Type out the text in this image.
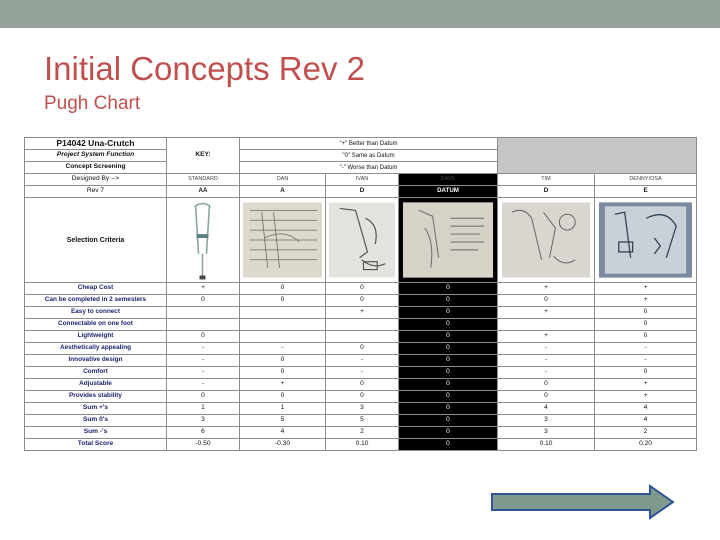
Initial Concepts Rev 2
Pugh Chart
P14042 Una-Crutch	KEY:	"+" Better than Datum				
Project System Function		"0" Same as Datum				
Concept Screening		"-" Worse than Datum				
Designed By -->	STANDARD	DAN	IVAN	DAVE	TIM	DENNY/OSA
Rev 7	AA	A	D	DATUM	D	E
Selection Criteria	

Cheap Cost	+	0	0	0	+	+
Can be completed in 2 semesters	0	0	0	0	0	+
Easy to connect			+	0	+	0
Connectable on one foot				0		0
Lightweight	0			0	+	0
Aesthetically appealing	-	-	0	0	-	-
Innovative design	-	0	-	0	-	-
Comfort	-	0	-	0	-	0
Adjustable	-	+	0	0	0	+
Provides stability	0	0	0	0	0	+
Sum +'s	1	1	3	0	4	4
Sum 0's	3	5	5	0	3	4
Sum -'s	6	4	2	0	3	2
Total Score	-0.50	-0.30	0.10	0	0.10	0.20
